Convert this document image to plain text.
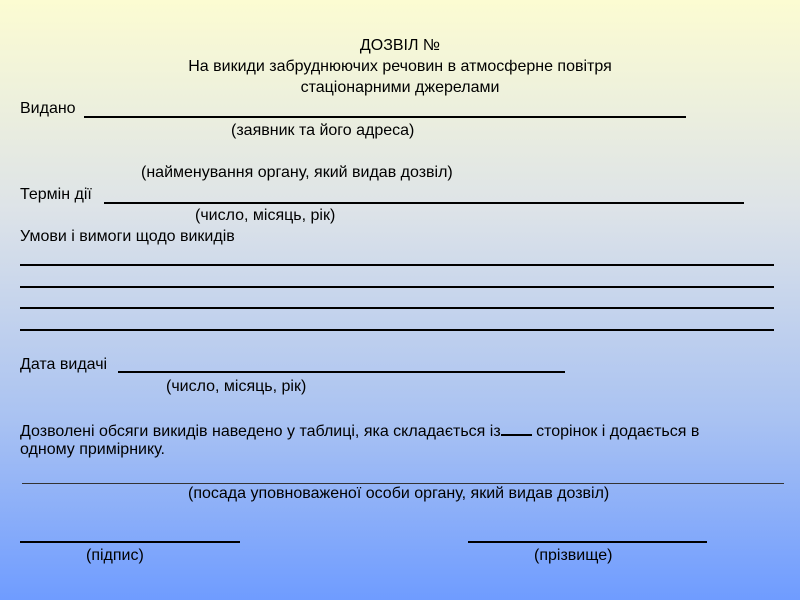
ДОЗВІЛ №
На викиди забруднюючих речовин в атмосферне повітря
стаціонарними джерелами
Видано
(заявник та його адреса)
(найменування органу, який видав дозвіл)
Термін дії
(число, місяць, рік)
Умови і вимоги щодо викидів
Дата видачі
(число, місяць, рік)
Дозволені обсяги викидів наведено у таблиці, яка складається із сторінок і додається в
одному примірнику.
(посада уповноваженої особи органу, який видав дозвіл)
(підпис)	(прізвище)
